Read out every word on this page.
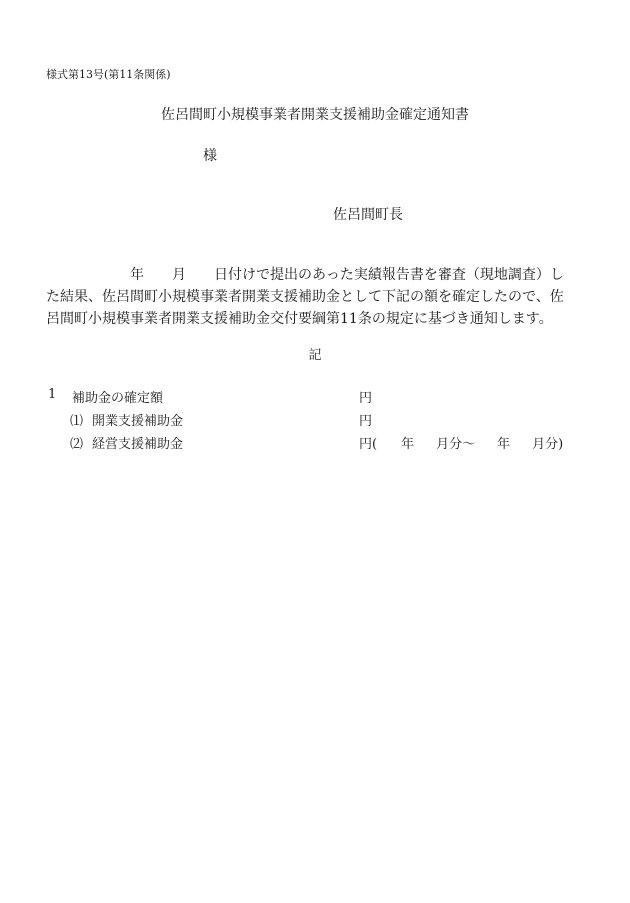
様式第13号(第11条関係)
佐呂間町小規模事業者開業支援補助金確定通知書
様
佐呂間町長
年 月 日付けで提出のあった実績報告書を審査（現地調査）し
た結果、佐呂間町小規模事業者開業支援補助金として下記の額を確定したので、佐
呂間町小規模事業者開業支援補助金交付要綱第11条の規定に基づき通知します。
記
1 補助金の確定額	円
⑴ 開業支援補助金	円
⑵ 経営支援補助金	円( 年 月分～ 年 月分)
